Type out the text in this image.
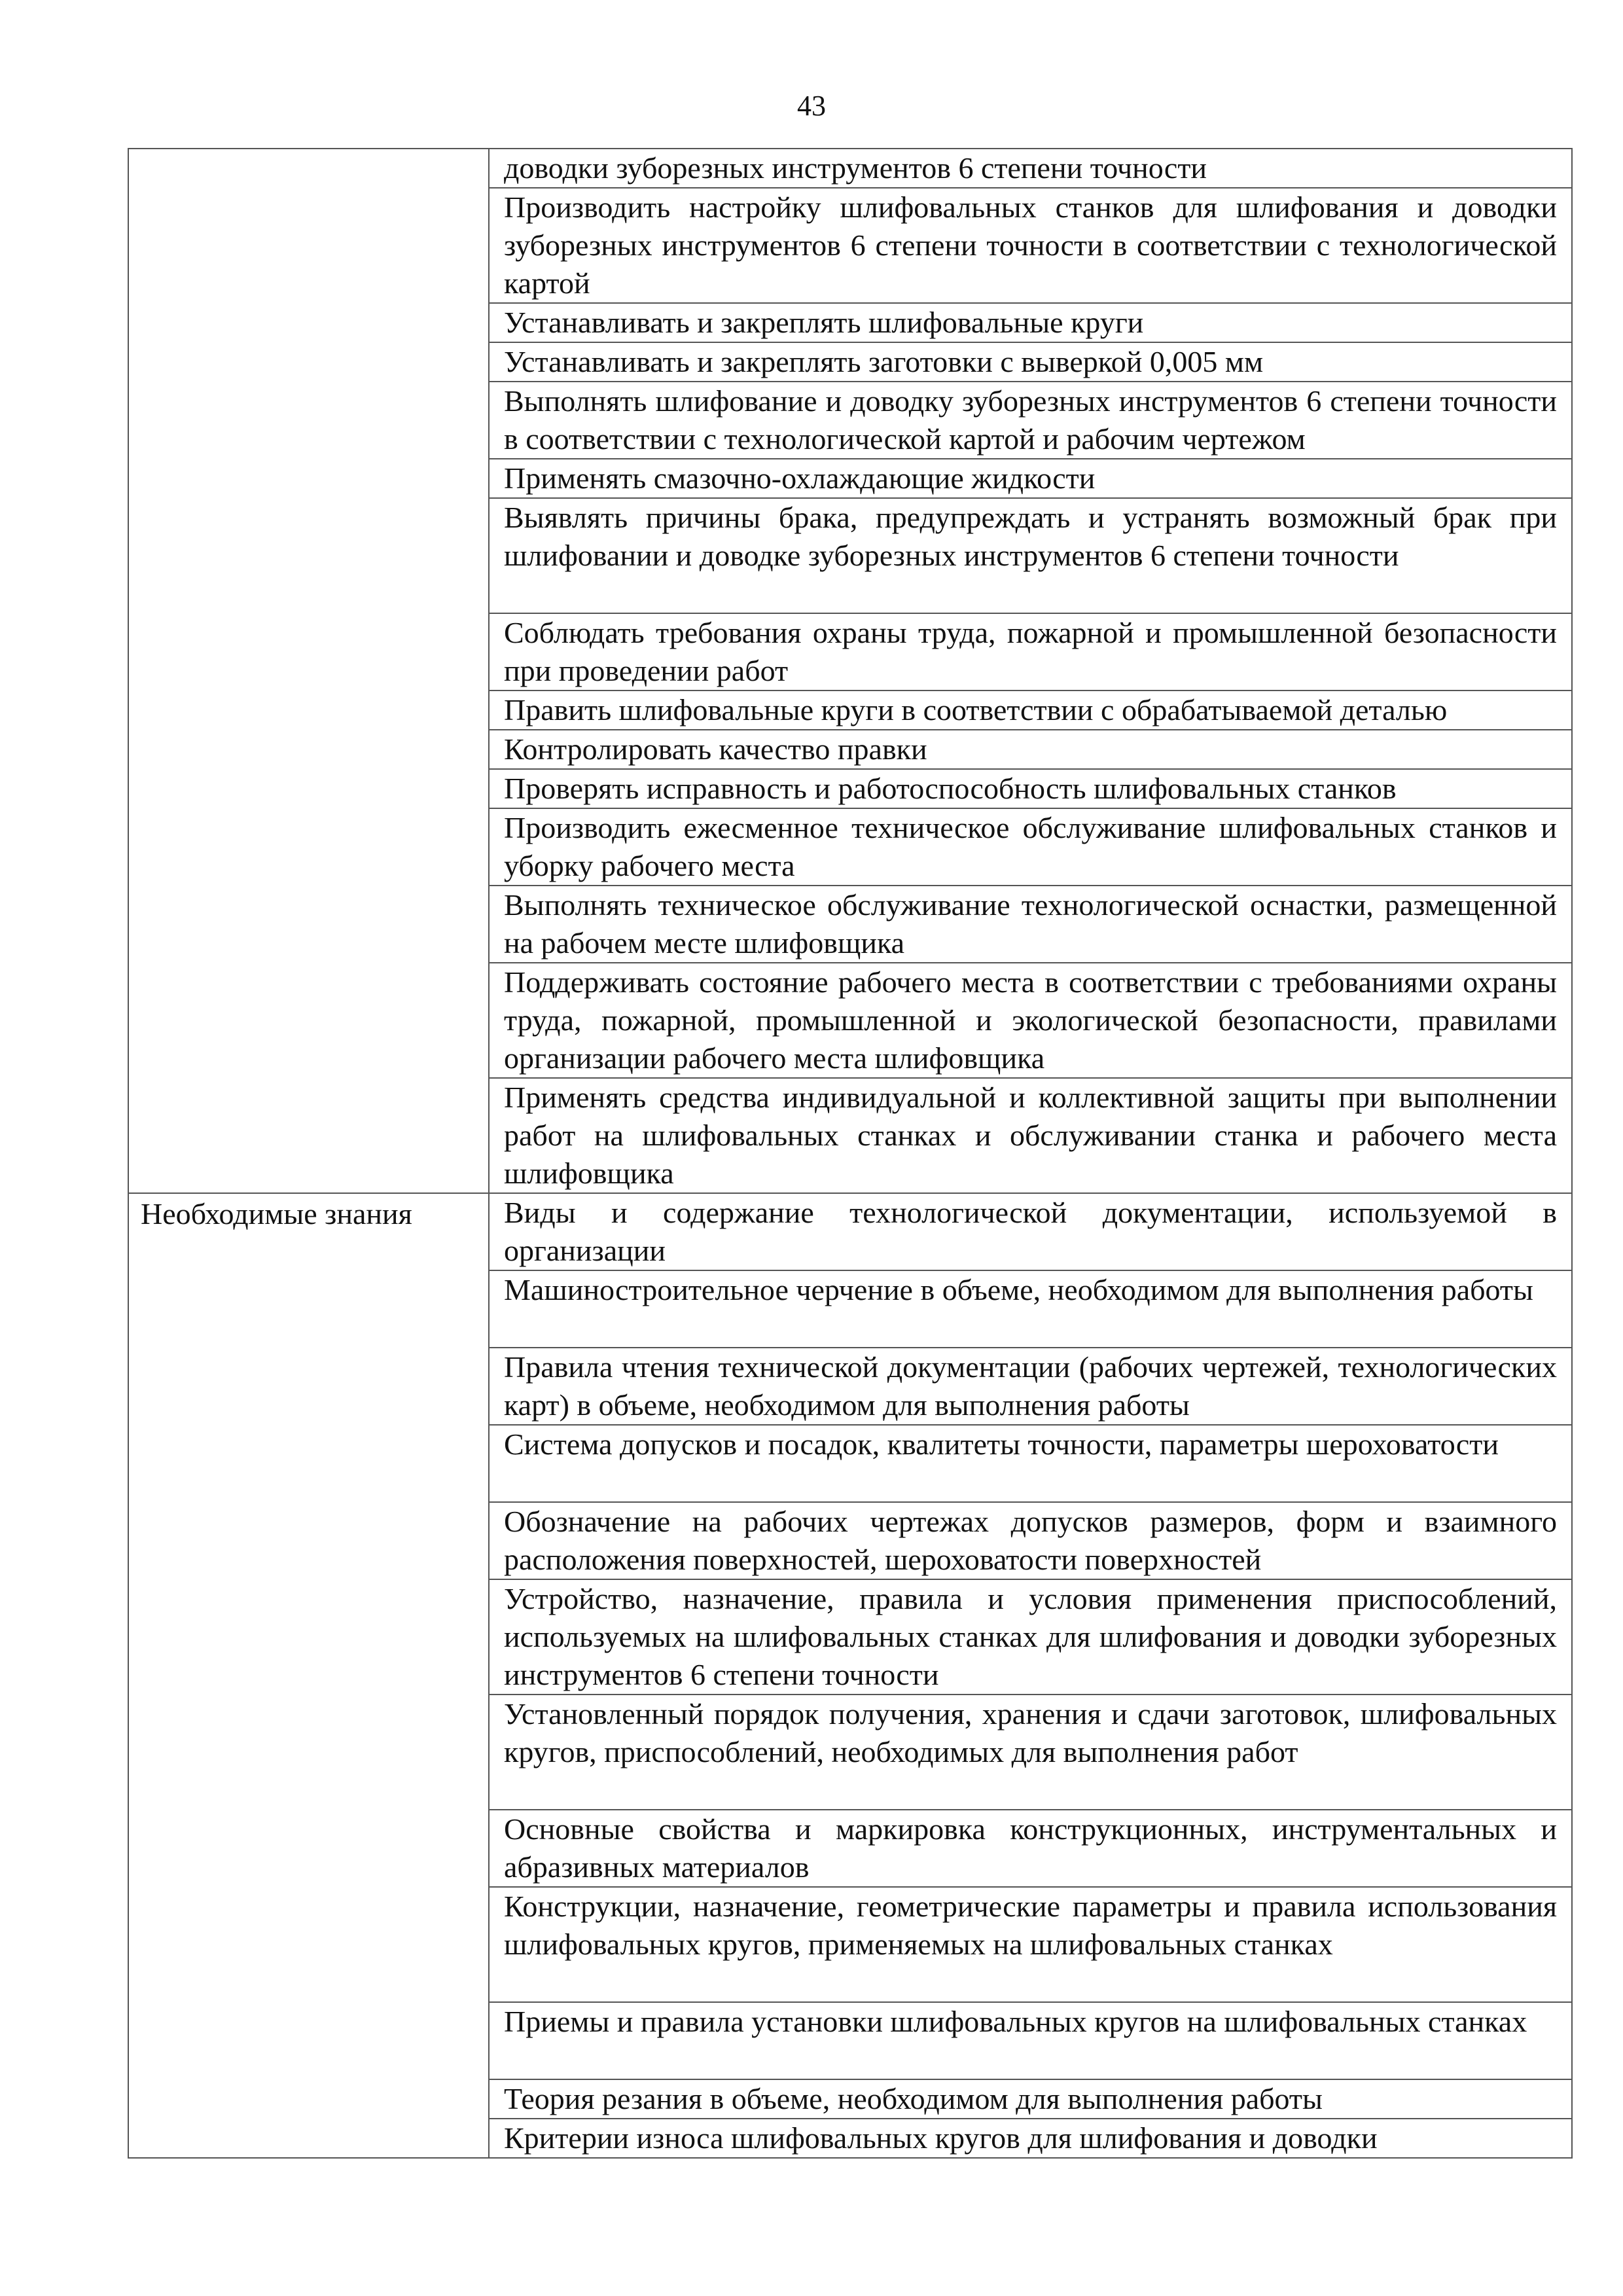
43
	доводки зуборезных инструментов 6 степени точности
	Производить настройку шлифовальных станков для шлифования и доводки зуборезных инструментов 6 степени точности в соответствии с технологической картой
	Устанавливать и закреплять шлифовальные круги
	Устанавливать и закреплять заготовки с выверкой 0,005 мм
	Выполнять шлифование и доводку зуборезных инструментов 6 степени точности в соответствии с технологической картой и рабочим чертежом
	Применять смазочно-охлаждающие жидкости
	Выявлять причины брака, предупреждать и устранять возможный брак при шлифовании и доводке зуборезных инструментов 6 степени точности
	Соблюдать требования охраны труда, пожарной и промышленной безопасности при проведении работ
	Править шлифовальные круги в соответствии с обрабатываемой деталью
	Контролировать качество правки
	Проверять исправность и работоспособность шлифовальных станков
	Производить ежесменное техническое обслуживание шлифовальных станков и уборку рабочего места
	Выполнять техническое обслуживание технологической оснастки, размещенной на рабочем месте шлифовщика
	Поддерживать состояние рабочего места в соответствии с требованиями охраны труда, пожарной, промышленной и экологической безопасности, правилами организации рабочего места шлифовщика
	Применять средства индивидуальной и коллективной защиты при выполнении работ на шлифовальных станках и обслуживании станка и рабочего места шлифовщика
Необходимые знания	Виды и содержание технологической документации, используемой в организации
	Машиностроительное черчение в объеме, необходимом для выполнения работы
	Правила чтения технической документации (рабочих чертежей, технологических карт) в объеме, необходимом для выполнения работы
	Система допусков и посадок, квалитеты точности, параметры шероховатости
	Обозначение на рабочих чертежах допусков размеров, форм и взаимного расположения поверхностей, шероховатости поверхностей
	Устройство, назначение, правила и условия применения приспособлений, используемых на шлифовальных станках для шлифования и доводки зуборезных инструментов 6 степени точности
	Установленный порядок получения, хранения и сдачи заготовок, шлифовальных кругов, приспособлений, необходимых для выполнения работ
	Основные свойства и маркировка конструкционных, инструментальных и абразивных материалов
	Конструкции, назначение, геометрические параметры и правила использования шлифовальных кругов, применяемых на шлифовальных станках
	Приемы и правила установки шлифовальных кругов на шлифовальных станках
	Теория резания в объеме, необходимом для выполнения работы
	Критерии износа шлифовальных кругов для шлифования и доводки
